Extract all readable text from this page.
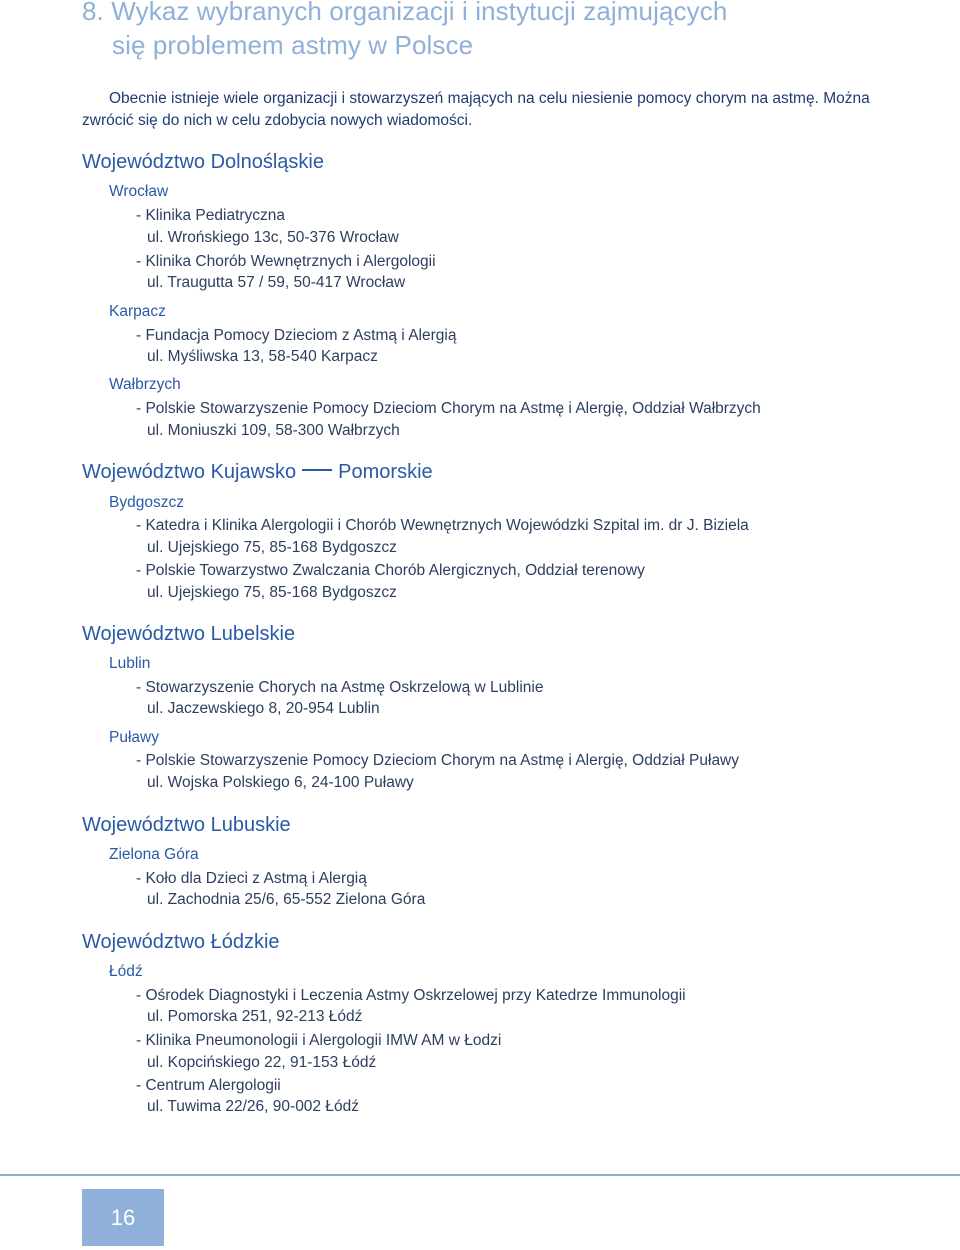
8. Wykaz wybranych organizacji i instytucji zajmujących
się problemem astmy w Polsce

Obecnie istnieje wiele organizacji i stowarzyszeń mających na celu niesienie pomocy chorym na astmę. Można
zwrócić się do nich w celu zdobycia nowych wiadomości.

Województwo Dolnośląskie

Wrocław

- Klinika Pediatryczna

ul. Wrońskiego 13c, 50-376 Wrocław

- Klinika Chorób Wewnętrznych i Alergologii

ul. Traugutta 57 / 59, 50-417 Wrocław

Karpacz

- Fundacja Pomocy Dzieciom z Astmą i Alergią

ul. Myśliwska 13, 58-540 Karpacz

Wałbrzych

- Polskie Stowarzyszenie Pomocy Dzieciom Chorym na Astmę i Alergię, Oddział Wałbrzych

ul. Moniuszki 109, 58-300 Wałbrzych

Województwo Kujawsko Pomorskie

Bydgoszcz

- Katedra i Klinika Alergologii i Chorób Wewnętrznych Wojewódzki Szpital im. dr J. Biziela

ul. Ujejskiego 75, 85-168 Bydgoszcz

- Polskie Towarzystwo Zwalczania Chorób Alergicznych, Oddział terenowy

ul. Ujejskiego 75, 85-168 Bydgoszcz

Województwo Lubelskie

Lublin

- Stowarzyszenie Chorych na Astmę Oskrzelową w Lublinie

ul. Jaczewskiego 8, 20-954 Lublin

Puławy

- Polskie Stowarzyszenie Pomocy Dzieciom Chorym na Astmę i Alergię, Oddział Puławy

ul. Wojska Polskiego 6, 24-100 Puławy

Województwo Lubuskie

Zielona Góra

- Koło dla Dzieci z Astmą i Alergią

ul. Zachodnia 25/6, 65-552 Zielona Góra

Województwo Łódzkie

Łódź

- Ośrodek Diagnostyki i Leczenia Astmy Oskrzelowej przy Katedrze Immunologii

ul. Pomorska 251, 92-213 Łódź

- Klinika Pneumonologii i Alergologii IMW AM w Łodzi

ul. Kopcińskiego 22, 91-153 Łódź

- Centrum Alergologii

ul. Tuwima 22/26, 90-002 Łódź

16
